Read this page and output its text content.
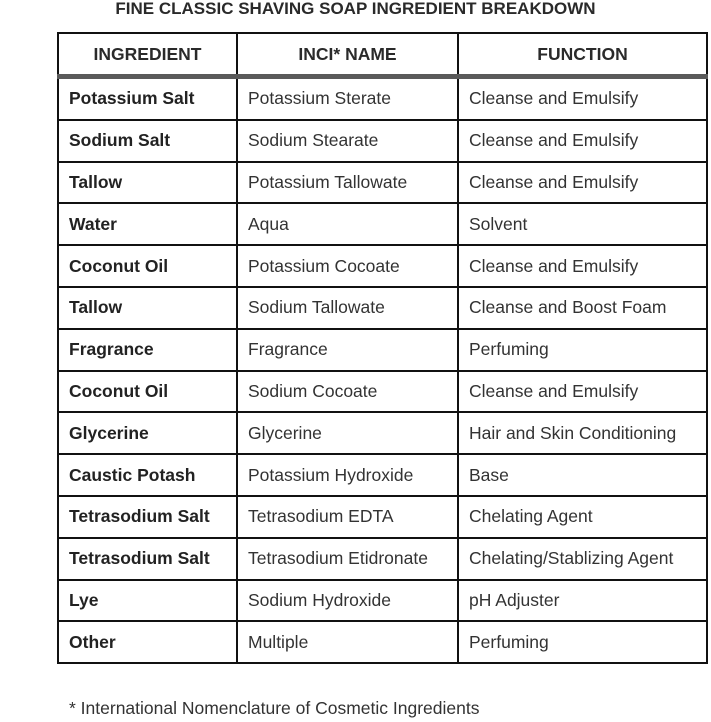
FINE CLASSIC SHAVING SOAP INGREDIENT BREAKDOWN
INGREDIENT	INCI* NAME	FUNCTION
Potassium Salt	Potassium Sterate	Cleanse and Emulsify
Sodium Salt	Sodium Stearate	Cleanse and Emulsify
Tallow	Potassium Tallowate	Cleanse and Emulsify
Water	Aqua	Solvent
Coconut Oil	Potassium Cocoate	Cleanse and Emulsify
Tallow	Sodium Tallowate	Cleanse and Boost Foam
Fragrance	Fragrance	Perfuming
Coconut Oil	Sodium Cocoate	Cleanse and Emulsify
Glycerine	Glycerine	Hair and Skin Conditioning
Caustic Potash	Potassium Hydroxide	Base
Tetrasodium Salt	Tetrasodium EDTA	Chelating Agent
Tetrasodium Salt	Tetrasodium Etidronate	Chelating/Stablizing Agent
Lye	Sodium Hydroxide	pH Adjuster
Other	Multiple	Perfuming
* International Nomenclature of Cosmetic Ingredients
